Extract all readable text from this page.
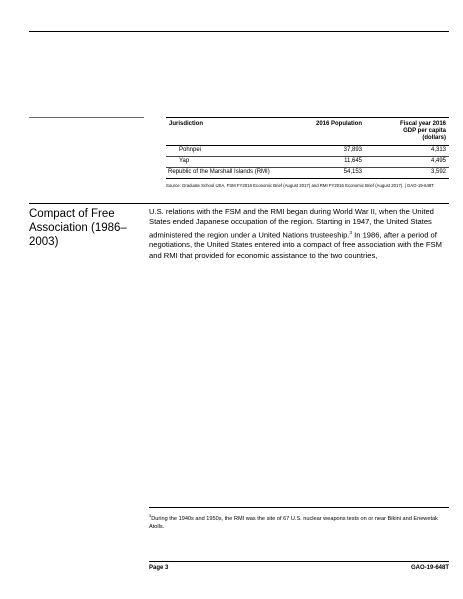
Jurisdiction	2016 Population	Fiscal year 2016
GDP per capita
(dollars)
Pohnpei	37,893	4,313
Yap	11,645	4,495
Republic of the Marshall Islands (RMI)	54,153	3,592
Source: Graduate School USA, FSM FY2016 Economic Brief (August 2017) and RMI FY2016 Economic Brief (August 2017). | GAO-19-648T
Compact of Free Association (1986–2003)
U.S. relations with the FSM and the RMI began during World War II, when the United States ended Japanese occupation of the region. Starting in 1947, the United States administered the region under a United Nations trusteeship.$^3$ In 1986, after a period of negotiations, the United States entered into a compact of free association with the FSM and RMI that provided for economic assistance to the two countries,
$^3$During the 1940s and 1950s, the RMI was the site of 67 U.S. nuclear weapons tests on or near Bikini and Enewetak Atolls.
Page 3	GAO-19-648T
